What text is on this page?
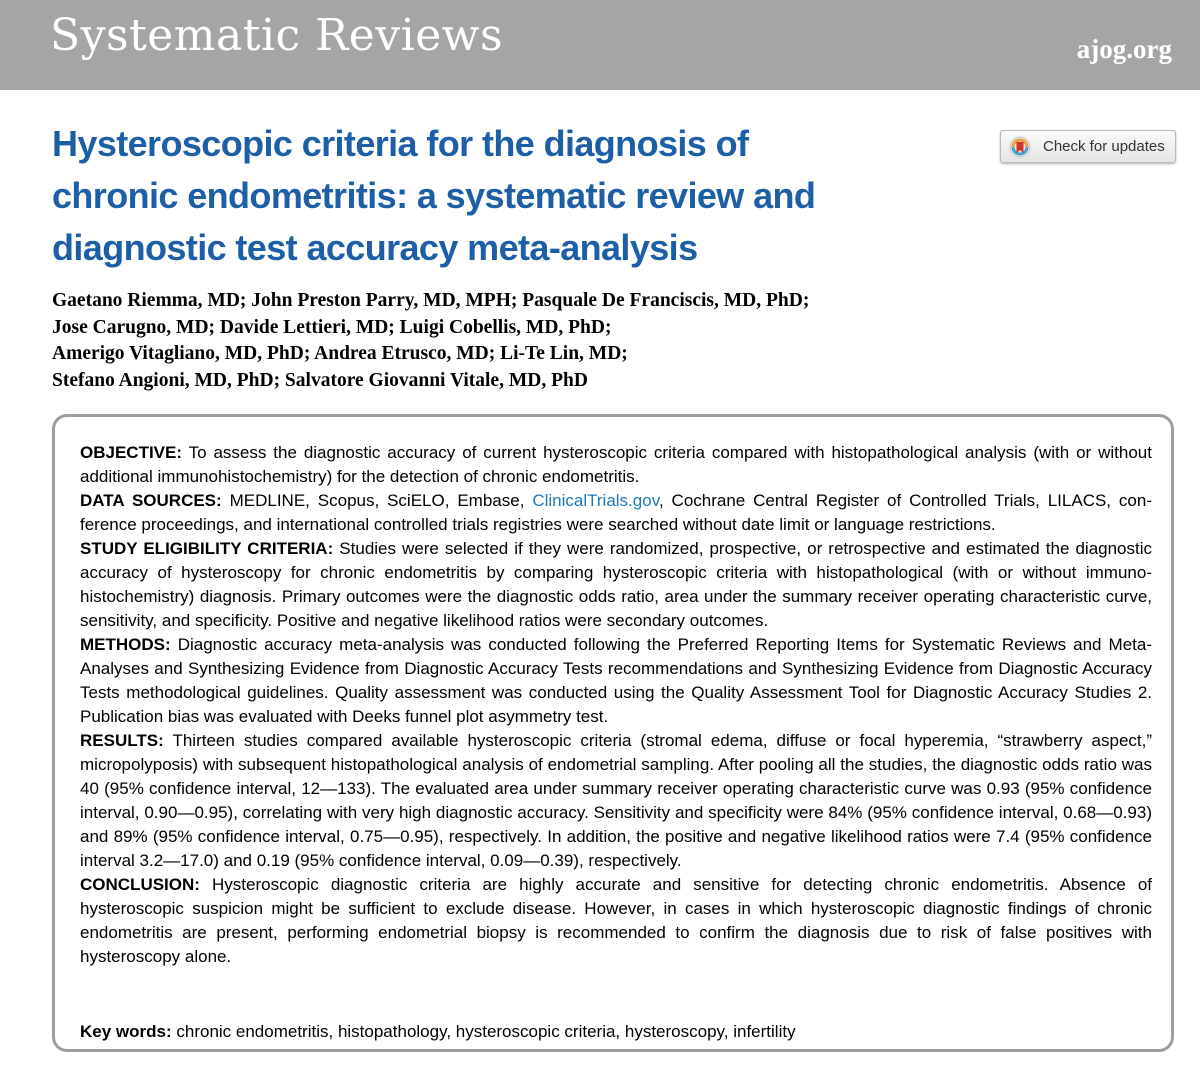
Systematic Reviews	ajog.org
Hysteroscopic criteria for the diagnosis of
chronic endometritis: a systematic review and
diagnostic test accuracy meta-analysis
Check for updates
Gaetano Riemma, MD; John Preston Parry, MD, MPH; Pasquale De Franciscis, MD, PhD;
Jose Carugno, MD; Davide Lettieri, MD; Luigi Cobellis, MD, PhD;
Amerigo Vitagliano, MD, PhD; Andrea Etrusco, MD; Li-Te Lin, MD;
Stefano Angioni, MD, PhD; Salvatore Giovanni Vitale, MD, PhD

OBJECTIVE: To assess the diagnostic accuracy of current hysteroscopic criteria compared with histopathological analysis (with or without additional immunohistochemistry) for the detection of chronic endometritis.

DATA SOURCES: MEDLINE, Scopus, SciELO, Embase, ClinicalTrials.gov, Cochrane Central Register of Controlled Trials, LILACS, conference proceedings, and international controlled trials registries were searched without date limit or language restrictions.

STUDY ELIGIBILITY CRITERIA: Studies were selected if they were randomized, prospective, or retrospective and estimated the diagnostic accuracy of hysteroscopy for chronic endometritis by comparing hysteroscopic criteria with histopathological (with or without immunohistochemistry) diagnosis. Primary outcomes were the diagnostic odds ratio, area under the summary receiver operating characteristic curve, sensitivity, and specificity. Positive and negative likelihood ratios were secondary outcomes.

METHODS: Diagnostic accuracy meta-analysis was conducted following the Preferred Reporting Items for Systematic Reviews and Meta-Analyses and Synthesizing Evidence from Diagnostic Accuracy Tests recommendations and Synthesizing Evidence from Diagnostic Accuracy Tests methodological guidelines. Quality assessment was conducted using the Quality Assessment Tool for Diagnostic Accuracy Studies 2. Publication bias was evaluated with Deeks funnel plot asymmetry test.

RESULTS: Thirteen studies compared available hysteroscopic criteria (stromal edema, diffuse or focal hyperemia, “strawberry aspect,” micropolyposis) with subsequent histopathological analysis of endometrial sampling. After pooling all the studies, the diagnostic odds ratio was 40 (95% confidence interval, 12—133). The evaluated area under summary receiver operating characteristic curve was 0.93 (95% confidence interval, 0.90—0.95), correlating with very high diagnostic accuracy. Sensitivity and specificity were 84% (95% confidence interval, 0.68—0.93) and 89% (95% confidence interval, 0.75—0.95), respectively. In addition, the positive and negative likelihood ratios were 7.4 (95% confidence interval 3.2—17.0) and 0.19 (95% confidence interval, 0.09—0.39), respectively.

CONCLUSION: Hysteroscopic diagnostic criteria are highly accurate and sensitive for detecting chronic endometritis. Absence of hysteroscopic suspicion might be sufficient to exclude disease. However, in cases in which hysteroscopic diagnostic findings of chronic endometritis are present, performing endometrial biopsy is recommended to confirm the diagnosis due to risk of false positives with hysteroscopy alone.

Key words: chronic endometritis, histopathology, hysteroscopic criteria, hysteroscopy, infertility
